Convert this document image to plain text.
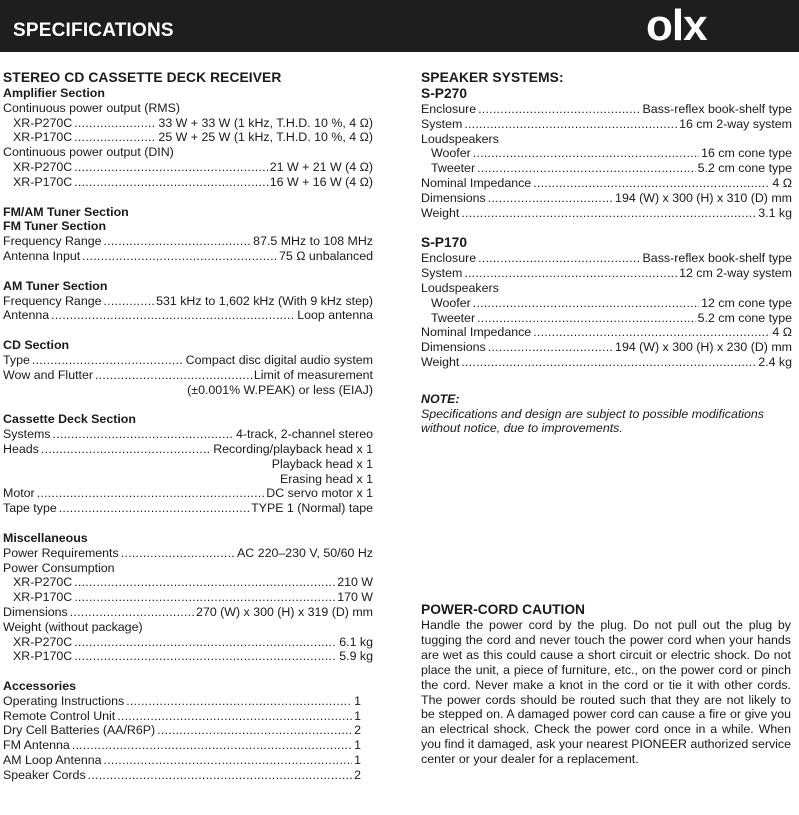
SPECIFICATIONS	olx
STEREO CD CASSETTE DECK RECEIVER
Amplifier Section
Continuous power output (RMS)
XR-P270C . . .	33 W + 33 W (1 kHz, T.H.D. 10 %, 4 Ω)
XR-P170C . . .	25 W + 25 W (1 kHz, T.H.D. 10 %, 4 Ω)
Continuous power output (DIN)
XR-P270C . . .	21 W + 21 W (4 Ω)
XR-P170C . . .	16 W + 16 W (4 Ω)
FM/AM Tuner Section
FM Tuner Section
Frequency Range . . .	87.5 MHz to 108 MHz
Antenna Input . . .	75 Ω unbalanced
AM Tuner Section
Frequency Range . . .	531 kHz to 1,602 kHz (With 9 kHz step)
Antenna . . .	Loop antenna
CD Section
Type . . .	Compact disc digital audio system
Wow and Flutter . . .	Limit of measurement
(±0.001% W.PEAK) or less (EIAJ)
Cassette Deck Section
Systems . . .	4-track, 2-channel stereo
Heads . . .	Recording/playback head x 1
Playback head x 1
Erasing head x 1
Motor . . .	DC servo motor x 1
Tape type . . .	TYPE 1 (Normal) tape
Miscellaneous
Power Requirements . . .	AC 220–230 V, 50/60 Hz
Power Consumption
XR-P270C . . .	210 W
XR-P170C . . .	170 W
Dimensions . . .	270 (W) x 300 (H) x 319 (D) mm
Weight (without package)
XR-P270C . . .	6.1 kg
XR-P170C . . .	5.9 kg
Accessories
Operating Instructions . . .	1
Remote Control Unit . . .	1
Dry Cell Batteries (AA/R6P) . . .	2
FM Antenna . . .	1
AM Loop Antenna . . .	1
Speaker Cords . . .	2
SPEAKER SYSTEMS:
S-P270
Enclosure . . .	Bass-reflex book-shelf type
System . . .	16 cm 2-way system
Loudspeakers
Woofer . . .	16 cm cone type
Tweeter . . .	5.2 cm cone type
Nominal Impedance . . .	4 Ω
Dimensions . . .	194 (W) x 300 (H) x 310 (D) mm
Weight . . .	3.1 kg
S-P170
Enclosure . . .	Bass-reflex book-shelf type
System . . .	12 cm 2-way system
Loudspeakers
Woofer . . .	12 cm cone type
Tweeter . . .	5.2 cm cone type
Nominal Impedance . . .	4 Ω
Dimensions . . .	194 (W) x 300 (H) x 230 (D) mm
Weight . . .	2.4 kg
NOTE:
Specifications and design are subject to possible modifications without notice, due to improvements.
POWER-CORD CAUTION
Handle the power cord by the plug. Do not pull out the plug by tugging the cord and never touch the power cord when your hands are wet as this could cause a short circuit or electric shock. Do not place the unit, a piece of furniture, etc., on the power cord or pinch the cord. Never make a knot in the cord or tie it with other cords. The power cords should be routed such that they are not likely to be stepped on. A damaged power cord can cause a fire or give you an electrical shock. Check the power cord once in a while. When you find it damaged, ask your nearest PIONEER authorized service center or your dealer for a replacement.
